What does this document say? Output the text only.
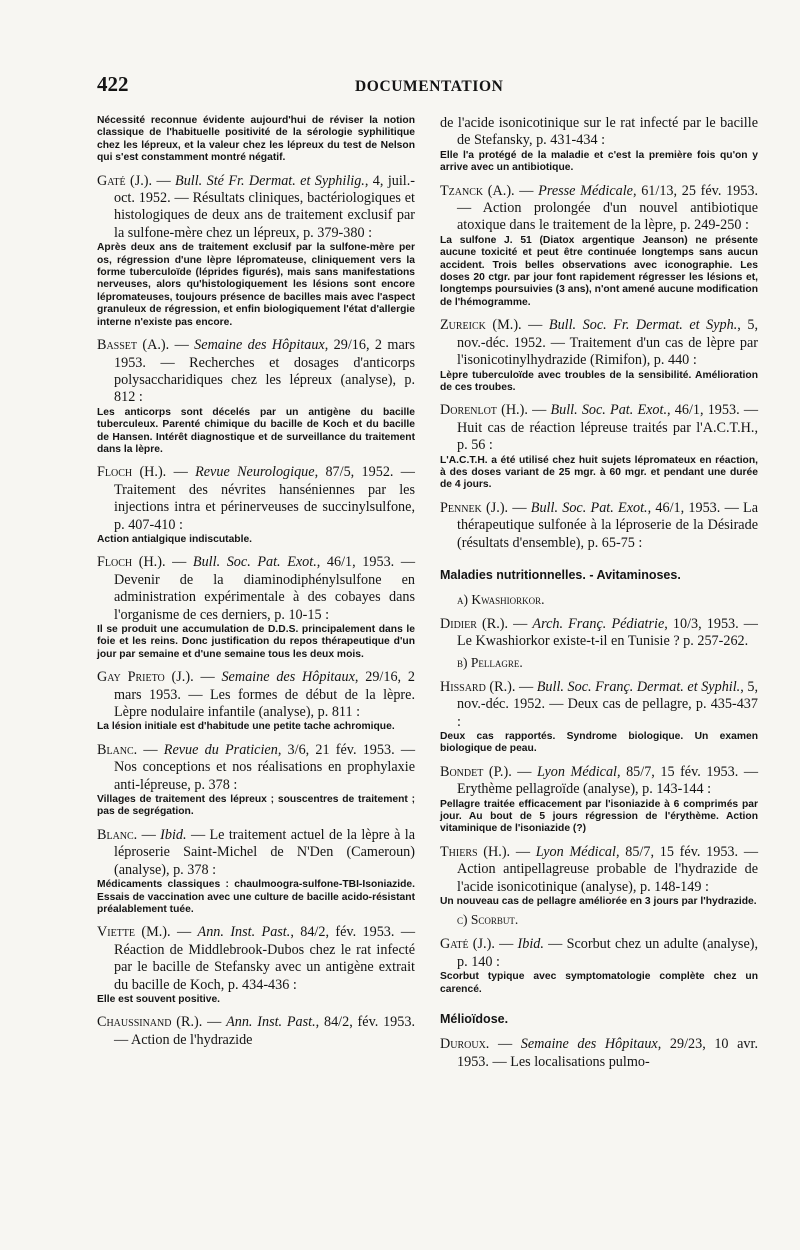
422	DOCUMENTATION

Nécessité reconnue évidente aujourd'hui de réviser la notion classique de l'habituelle positivité de la sérologie syphilitique chez les lépreux, et la valeur chez les lépreux du test de Nelson qui s'est constamment montré négatif.

Gaté (J.). — Bull. Sté Fr. Dermat. et Syphilig., 4, juil.-oct. 1952. — Résultats cliniques, bactériologiques et histologiques de deux ans de traitement exclusif par la sulfone-mère chez un lépreux, p. 379-380 :

Après deux ans de traitement exclusif par la sulfone-mère per os, régression d'une lèpre lépromateuse, cliniquement vers la forme tuberculoïde (léprides figurés), mais sans manifestations nerveuses, alors qu'histologiquement les lésions sont encore lépromateuses, toujours présence de bacilles mais avec l'aspect granuleux de régression, et enfin biologiquement l'état d'allergie interne n'existe pas encore.

Basset (A.). — Semaine des Hôpitaux, 29/16, 2 mars 1953. — Recherches et dosages d'anticorps polysaccharidiques chez les lépreux (analyse), p. 812 :

Les anticorps sont décelés par un antigène du bacille tuberculeux. Parenté chimique du bacille de Koch et du bacille de Hansen. Intérêt diagnostique et de surveillance du traitement dans la lèpre.

Floch (H.). — Revue Neurologique, 87/5, 1952. — Traitement des névrites hanséniennes par les injections intra et périnerveuses de succinylsulfone, p. 407-410 :

Action antialgique indiscutable.

Floch (H.). — Bull. Soc. Pat. Exot., 46/1, 1953. — Devenir de la diaminodiphénylsulfone en administration expérimentale à des cobayes dans l'organisme de ces derniers, p. 10-15 :

Il se produit une accumulation de D.D.S. principalement dans le foie et les reins. Donc justification du repos thérapeutique d'un jour par semaine et d'une semaine tous les deux mois.

Gay Prieto (J.). — Semaine des Hôpitaux, 29/16, 2 mars 1953. — Les formes de début de la lèpre. Lèpre nodulaire infantile (analyse), p. 811 :

La lésion initiale est d'habitude une petite tache achromique.

Blanc. — Revue du Praticien, 3/6, 21 fév. 1953. — Nos conceptions et nos réalisations en prophylaxie anti-lépreuse, p. 378 :

Villages de traitement des lépreux ; souscentres de traitement ; pas de segrégation.

Blanc. — Ibid. — Le traitement actuel de la lèpre à la léproserie Saint-Michel de N'Den (Cameroun) (analyse), p. 378 :

Médicaments classiques : chaulmoogra-sulfone-TBI-Isoniazide. Essais de vaccination avec une culture de bacille acido-résistant préalablement tuée.

Viette (M.). — Ann. Inst. Past., 84/2, fév. 1953. — Réaction de Middlebrook-Dubos chez le rat infecté par le bacille de Stefansky avec un antigène extrait du bacille de Koch, p. 434-436 :

Elle est souvent positive.

Chaussinand (R.). — Ann. Inst. Past., 84/2, fév. 1953. — Action de l'hydrazide

de l'acide isonicotinique sur le rat infecté par le bacille de Stefansky, p. 431-434 :

Elle l'a protégé de la maladie et c'est la première fois qu'on y arrive avec un antibiotique.

Tzanck (A.). — Presse Médicale, 61/13, 25 fév. 1953. — Action prolongée d'un nouvel antibiotique atoxique dans le traitement de la lèpre, p. 249-250 :

La sulfone J. 51 (Diatox argentique Jeanson) ne présente aucune toxicité et peut être continuée longtemps sans aucun accident. Trois belles observations avec iconographie. Les doses 20 ctgr. par jour font rapidement régresser les lésions et, longtemps poursuivies (3 ans), n'ont amené aucune modification de l'hémogramme.

Zureick (M.). — Bull. Soc. Fr. Dermat. et Syph., 5, nov.-déc. 1952. — Traitement d'un cas de lèpre par l'isonicotinylhydrazide (Rimifon), p. 440 :

Lèpre tuberculoïde avec troubles de la sensibilité. Amélioration de ces troubes.

Dorenlot (H.). — Bull. Soc. Pat. Exot., 46/1, 1953. — Huit cas de réaction lépreuse traités par l'A.C.T.H., p. 56 :

L'A.C.T.H. a été utilisé chez huit sujets lépromateux en réaction, à des doses variant de 25 mgr. à 60 mgr. et pendant une durée de 4 jours.

Pennek (J.). — Bull. Soc. Pat. Exot., 46/1, 1953. — La thérapeutique sulfonée à la léproserie de la Désirade (résultats d'ensemble), p. 65-75 :

Maladies nutritionnelles. - Avitaminoses.
a) Kwashiorkor.

Didier (R.). — Arch. Franç. Pédiatrie, 10/3, 1953. — Le Kwashiorkor existe-t-il en Tunisie ? p. 257-262.

b) Pellagre.

Hissard (R.). — Bull. Soc. Franç. Dermat. et Syphil., 5, nov.-déc. 1952. — Deux cas de pellagre, p. 435-437 :

Deux cas rapportés. Syndrome biologique. Un examen biologique de peau.

Bondet (P.). — Lyon Médical, 85/7, 15 fév. 1953. — Erythème pellagroïde (analyse), p. 143-144 :

Pellagre traitée efficacement par l'isoniazide à 6 comprimés par jour. Au bout de 5 jours régression de l'érythème. Action vitaminique de l'isoniazide (?)

Thiers (H.). — Lyon Médical, 85/7, 15 fév. 1953. — Action antipellagreuse probable de l'hydrazide de l'acide isonicotinique (analyse), p. 148-149 :

Un nouveau cas de pellagre améliorée en 3 jours par l'hydrazide.

c) Scorbut.

Gaté (J.). — Ibid. — Scorbut chez un adulte (analyse), p. 140 :

Scorbut typique avec symptomatologie complète chez un carencé.

Mélioïdose.

Duroux. — Semaine des Hôpitaux, 29/23, 10 avr. 1953. — Les localisations pulmo-
